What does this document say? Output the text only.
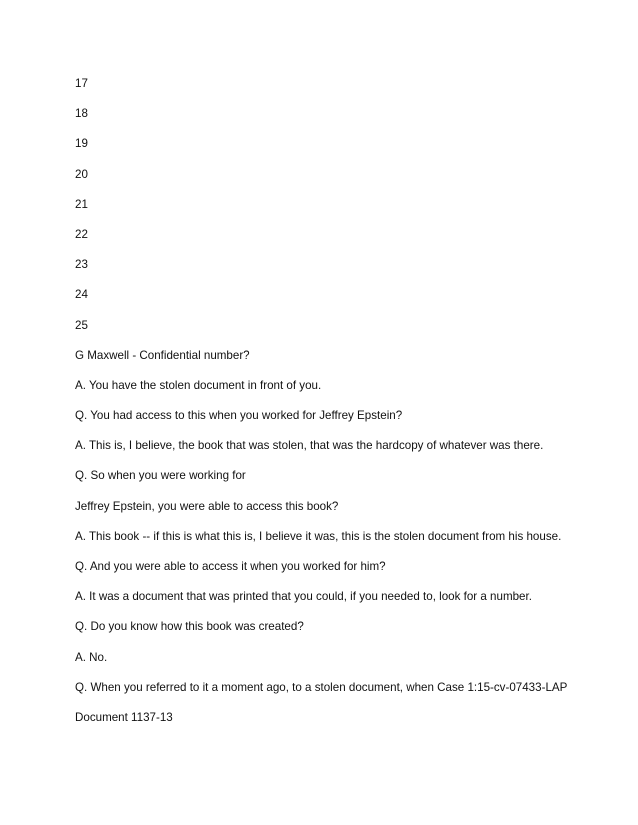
17
18
19
20
21
22
23
24
25
G Maxwell - Confidential number?
A. You have the stolen document in front of you.
Q. You had access to this when you worked for Jeffrey Epstein?
A. This is, I believe, the book that was stolen, that was the hardcopy of whatever was there.
Q. So when you were working for
Jeffrey Epstein, you were able to access this book?
A. This book -- if this is what this is, I believe it was, this is the stolen document from his house.
Q. And you were able to access it when you worked for him?
A. It was a document that was printed that you could, if you needed to, look for a number.
Q. Do you know how this book was created?
A. No.
Q. When you referred to it a moment ago, to a stolen document, when Case 1:15-cv-07433-LAP
Document 1137-13
